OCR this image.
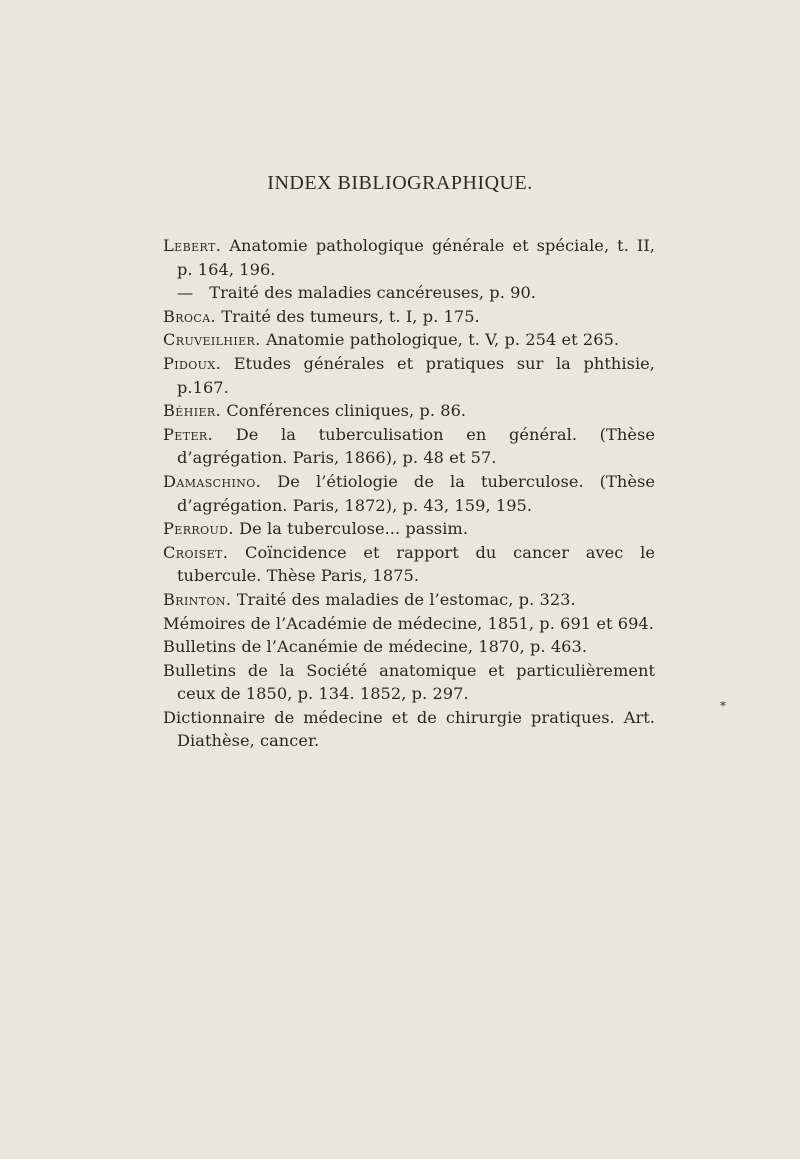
INDEX BIBLIOGRAPHIQUE.
Lebert. Anatomie pathologique générale et spéciale, t. II, p. 164, 196.
— Traité des maladies cancéreuses, p. 90.
Broca. Traité des tumeurs, t. I, p. 175.
Cruveilhier. Anatomie pathologique, t. V, p. 254 et 265.
Pidoux. Etudes générales et pratiques sur la phthisie, p.167.
Béhier. Conférences cliniques, p. 86.
Peter. De la tuberculisation en général. (Thèse d’agrégation. Paris, 1866), p. 48 et 57.
Damaschino. De l’étiologie de la tuberculose. (Thèse d’agrégation. Paris, 1872), p. 43, 159, 195.
Perroud. De la tuberculose... passim.
Croiset. Coïncidence et rapport du cancer avec le tubercule. Thèse Paris, 1875.
Brinton. Traité des maladies de l’estomac, p. 323.
Mémoires de l’Académie de médecine, 1851, p. 691 et 694.
Bulletins de l’Acanémie de médecine, 1870, p. 463.
Bulletins de la Société anatomique et particulièrement ceux de 1850, p. 134. 1852, p. 297.
Dictionnaire de médecine et de chirurgie pratiques. Art. Diathèse, cancer.
⁎
